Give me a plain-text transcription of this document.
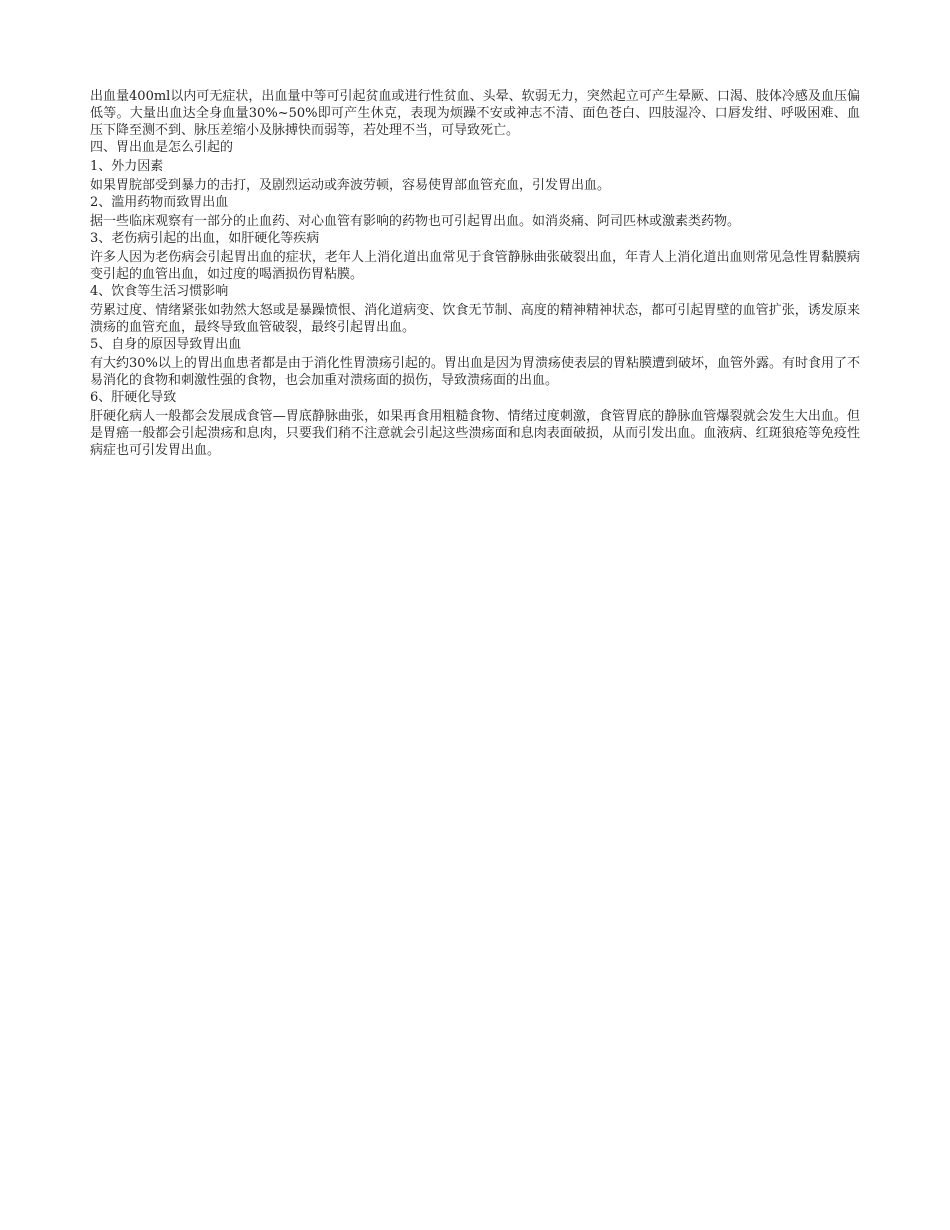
出血量400ml以内可无症状，出血量中等可引起贫血或进行性贫血、头晕、软弱无力，突然起立可产生晕厥、口渴、肢体冷感及血压偏低等。大量出血达全身血量30%~50%即可产生休克，表现为烦躁不安或神志不清、面色苍白、四肢湿冷、口唇发绀、呼吸困难、血压下降至测不到、脉压差缩小及脉搏快而弱等，若处理不当，可导致死亡。

四、胃出血是怎么引起的

1、外力因素

如果胃脘部受到暴力的击打，及剧烈运动或奔波劳顿，容易使胃部血管充血，引发胃出血。

2、滥用药物而致胃出血

据一些临床观察有一部分的止血药、对心血管有影响的药物也可引起胃出血。如消炎痛、阿司匹林或激素类药物。

3、老伤病引起的出血，如肝硬化等疾病

许多人因为老伤病会引起胃出血的症状，老年人上消化道出血常见于食管静脉曲张破裂出血，年青人上消化道出血则常见急性胃黏膜病变引起的血管出血，如过度的喝酒损伤胃粘膜。

4、饮食等生活习惯影响

劳累过度、情绪紧张如勃然大怒或是暴躁愤恨、消化道病变、饮食无节制、高度的精神精神状态，都可引起胃壁的血管扩张，诱发原来溃疡的血管充血，最终导致血管破裂，最终引起胃出血。

5、自身的原因导致胃出血

有大约30%以上的胃出血患者都是由于消化性胃溃疡引起的。胃出血是因为胃溃疡使表层的胃粘膜遭到破坏，血管外露。有时食用了不易消化的食物和刺激性强的食物，也会加重对溃疡面的损伤，导致溃疡面的出血。

6、肝硬化导致

肝硬化病人一般都会发展成食管—胃底静脉曲张，如果再食用粗糙食物、情绪过度刺激，食管胃底的静脉血管爆裂就会发生大出血。但是胃癌一般都会引起溃疡和息肉，只要我们稍不注意就会引起这些溃疡面和息肉表面破损，从而引发出血。血液病、红斑狼疮等免疫性病症也可引发胃出血。
